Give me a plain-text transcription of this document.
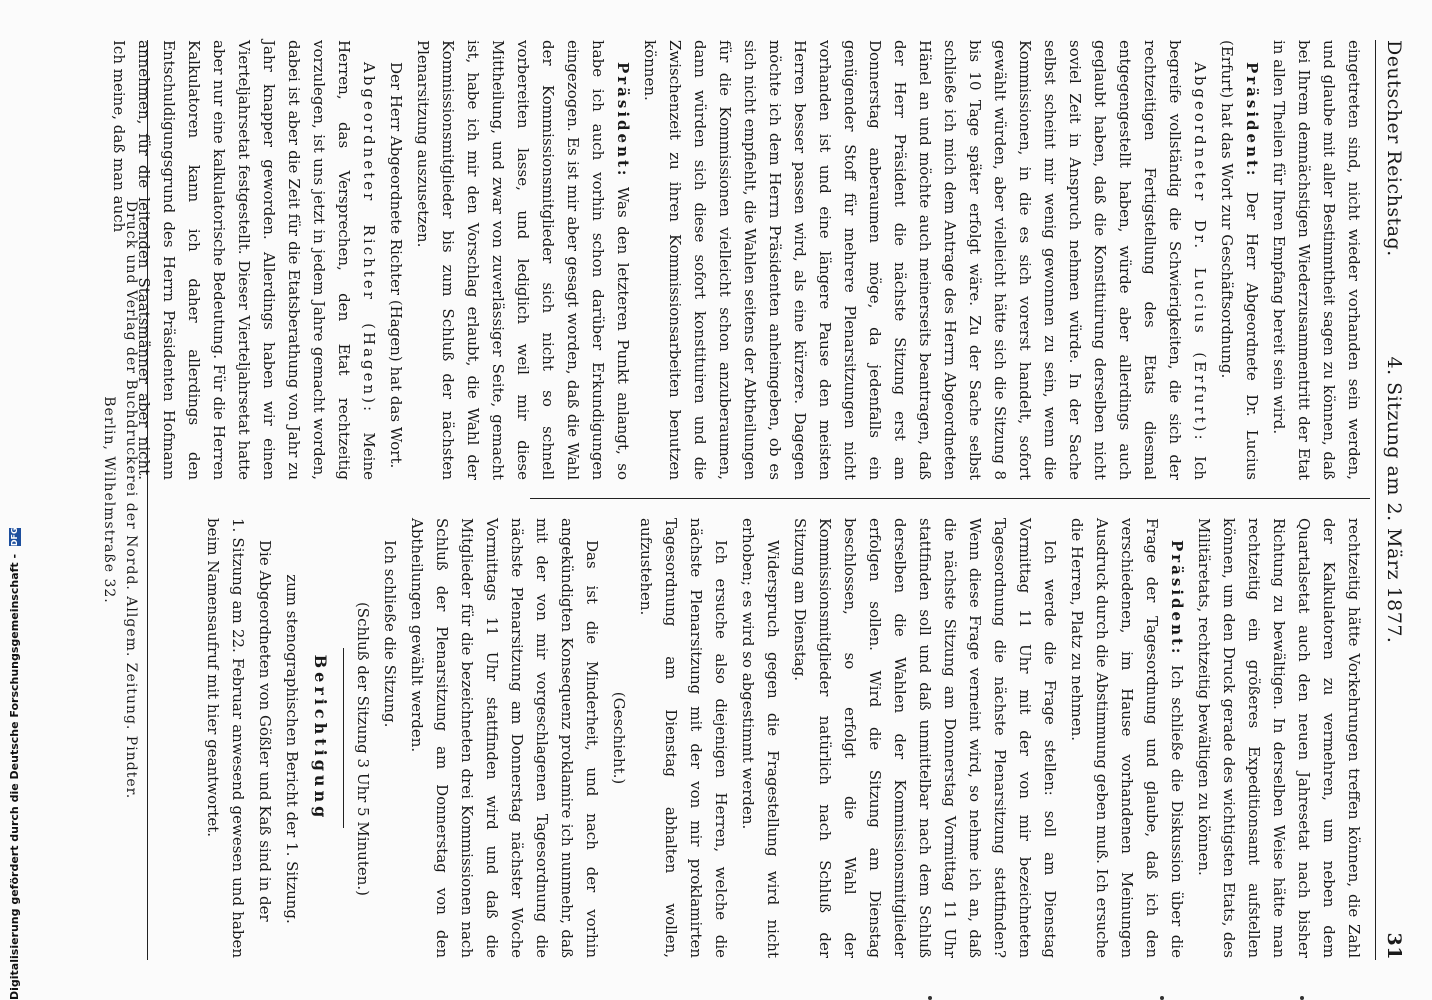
Deutscher Reichstag.
4. Sitzung am 2. März 1877.
31

eingetreten sind, nicht wieder vorhanden sein werden, und glaube mit aller Bestimmtheit sagen zu können, daß bei Ihrem demnächstigen Wiederzusammentritt der Etat in allen Theilen für Ihren Empfang bereit sein wird.

Präsident: Der Herr Abgeordnete Dr. Lucius (Erfurt) hat das Wort zur Geschäftsordnung.

Abgeordneter Dr. Lucius (Erfurt): Ich begreife vollständig die Schwierigkeiten, die sich der rechtzeitigen Fertigstellung des Etats diesmal entgegengestellt haben, würde aber allerdings auch geglaubt haben, daß die Konstituirung derselben nicht soviel Zeit in Anspruch nehmen würde. In der Sache selbst scheint mir wenig gewonnen zu sein, wenn die Kommissionen, in die es sich vorerst handelt, sofort gewählt würden, aber vielleicht hätte sich die Sitzung 8 bis 10 Tage später erfolgt wäre. Zu der Sache selbst schließe ich mich dem Antrage des Herrn Abgeordneten Hänel an und möchte auch meinerseits beantragen, daß der Herr Präsident die nächste Sitzung erst am Donnerstag anberaumen möge, da jedenfalls ein genügender Stoff für mehrere Plenarsitzungen nicht vorhanden ist und eine längere Pause den meisten Herren besser passen wird, als eine kürzere. Dagegen möchte ich dem Herrn Präsidenten anheimgeben, ob es sich nicht empfiehlt, die Wahlen seitens der Abtheilungen für die Kommissionen vielleicht schon anzuberaumen, dann würden sich diese sofort konstituiren und die Zwischenzeit zu ihren Kommissionsarbeiten benutzen können.

Präsident: Was den letzteren Punkt anlangt, so habe ich auch vorhin schon darüber Erkundigungen eingezogen. Es ist mir aber gesagt worden, daß die Wahl der Kommissionsmitglieder sich nicht so schnell vorbereiten lasse, und lediglich weil mir diese Mittheilung, und zwar von zuverlässiger Seite, gemacht ist, habe ich mir den Vorschlag erlaubt, die Wahl der Kommissionsmitglieder bis zum Schluß der nächsten Plenarsitzung auszusetzen.

Der Herr Abgeordnete Richter (Hagen) hat das Wort.

Abgeordneter Richter (Hagen): Meine Herren, das Versprechen, den Etat rechtzeitig vorzulegen, ist uns jetzt in jedem Jahre gemacht worden, dabei ist aber die Zeit für die Etatsberathung von Jahr zu Jahr knapper geworden. Allerdings haben wir einen Vierteljahrsetat festgestellt. Dieser Vierteljahrsetat hatte aber nur eine kalkulatorische Bedeutung. Für die Herren Kalkulatoren kann ich daher allerdings den Entschuldigungsgrund des Herrn Präsidenten Hofmann annehmen, für die leitenden Staatsmänner aber nicht. Ich meine, daß man auch

rechtzeitig hätte Vorkehrungen treffen können, die Zahl der Kalkulatoren zu vermehren, um neben dem Quartalsetat auch den neuen Jahresetat nach bisher Richtung zu bewältigen. In derselben Weise hätte man rechtzeitig ein größeres Expeditionsamt aufstellen können, um den Druck gerade des wichtigsten Etats, des Militäretats, rechtzeitig bewältigen zu können.

Präsident: Ich schließe die Diskussion über die Frage der Tagesordnung und glaube, daß ich den verschiedenen, im Hause vorhandenen Meinungen Ausdruck durch die Abstimmung geben muß. Ich ersuche die Herren, Platz zu nehmen.

Ich werde die Frage stellen: soll am Dienstag Vormittag 11 Uhr mit der von mir bezeichneten Tagesordnung die nächste Plenarsitzung stattfinden? Wenn diese Frage verneint wird, so nehme ich an, daß die nächste Sitzung am Donnerstag Vormittag 11 Uhr stattfinden soll und daß unmittelbar nach dem Schluß derselben die Wahlen der Kommissionsmitglieder erfolgen sollen. Wird die Sitzung am Dienstag beschlossen, so erfolgt die Wahl der Kommissionsmitglieder natürlich nach Schluß der Sitzung am Dienstag.

Widerspruch gegen die Fragestellung wird nicht erhoben; es wird so abgestimmt werden.

Ich ersuche also diejenigen Herren, welche die nächste Plenarsitzung mit der von mir proklamirten Tagesordnung am Dienstag abhalten wollen, aufzustehen.

(Geschieht.)

Das ist die Minderheit, und nach der vorhin angekündigten Konsequenz proklamire ich nunmehr, daß mit der von mir vorgeschlagenen Tagesordnung die nächste Plenarsitzung am Donnerstag nächster Woche Vormittags 11 Uhr stattfinden wird und daß die Mitglieder für die bezeichneten drei Kommissionen nach Schluß der Plenarsitzung am Donnerstag von den Abtheilungen gewählt werden.

Ich schließe die Sitzung.

(Schluß der Sitzung 3 Uhr 5 Minuten.)

Berichtigung

zum stenographischen Bericht der 1. Sitzung.

Die Abgeordneten von Gößler und Kaß sind in der

1. Sitzung am 22. Februar anwesend gewesen und haben beim Namensaufruf mit hier geantwortet.

Druck und Verlag der Buchdruckerei der Nordd. Allgem. Zeitung. Pindter.
Berlin, Wilhelmstraße 32.
Digitalisierung gefördert durch die Deutsche Forschungsgemeinschaft - DFG
